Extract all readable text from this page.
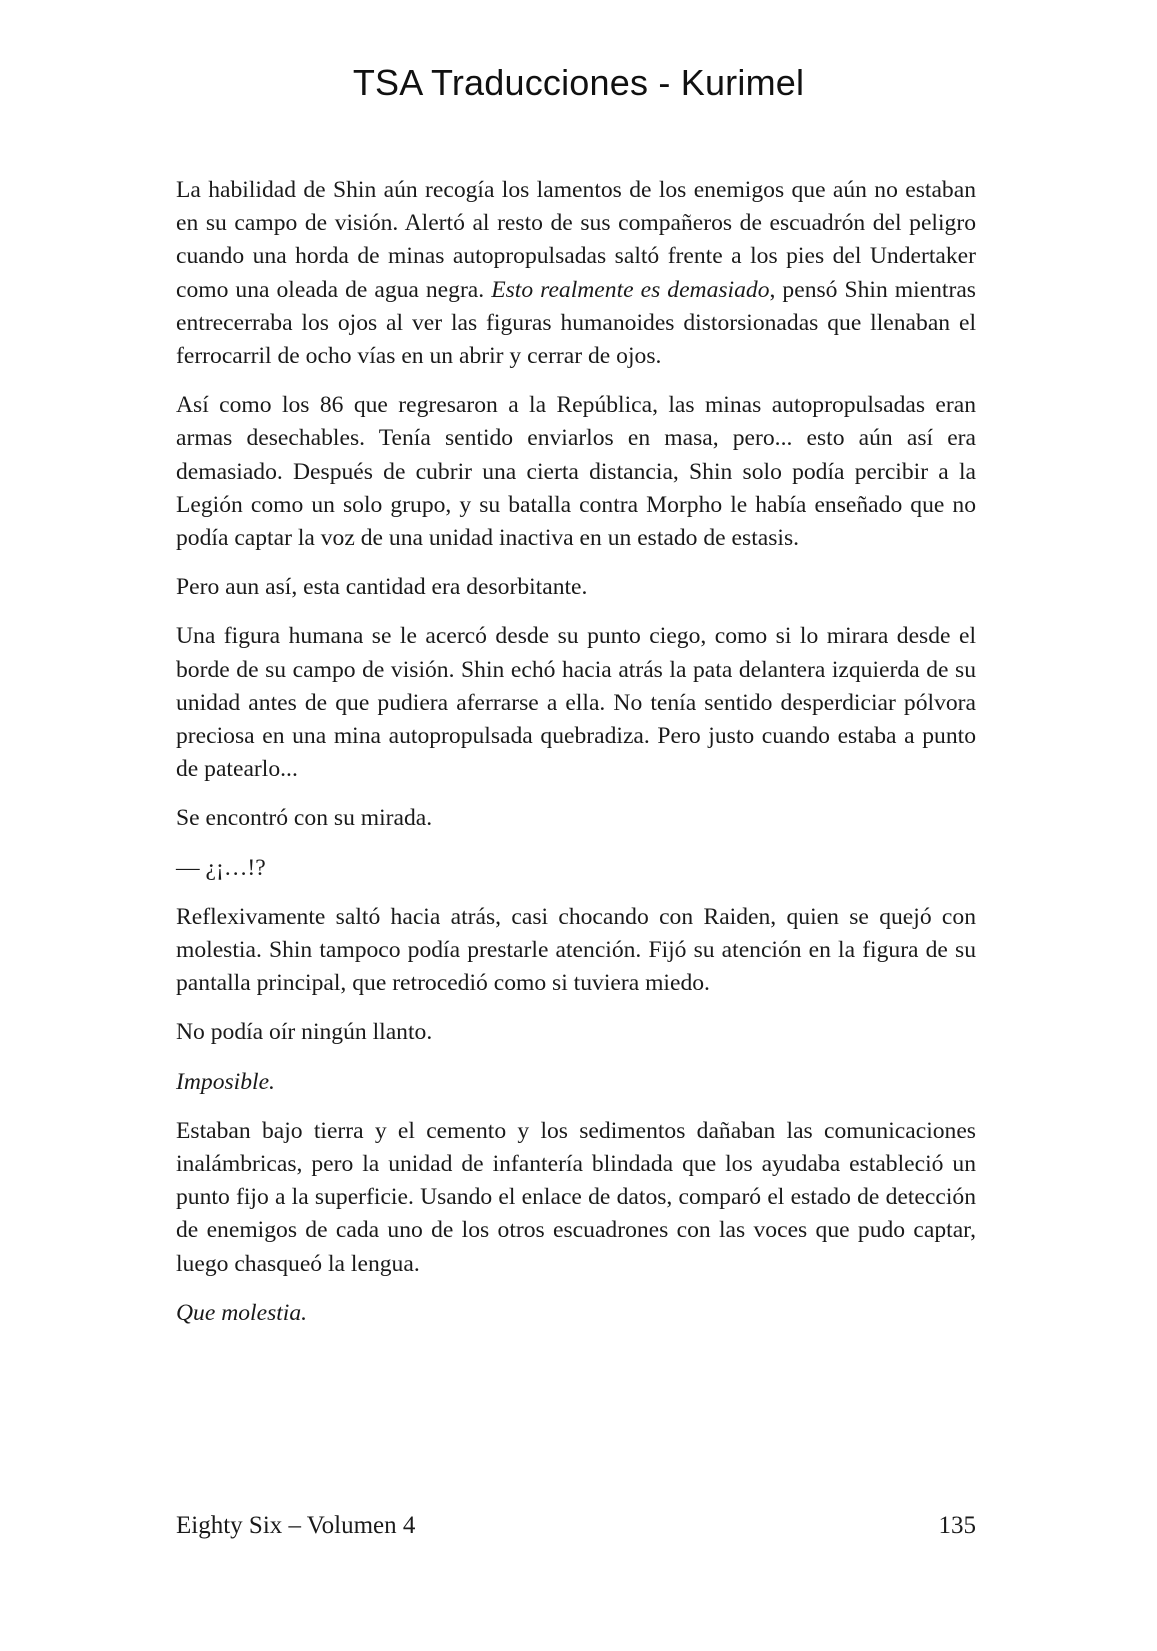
TSA Traducciones - Kurimel

La habilidad de Shin aún recogía los lamentos de los enemigos que aún no estaban en su campo de visión. Alertó al resto de sus compañeros de escuadrón del peligro cuando una horda de minas autopropulsadas saltó frente a los pies del Undertaker como una oleada de agua negra. Esto realmente es demasiado, pensó Shin mientras entrecerraba los ojos al ver las figuras humanoides distorsionadas que llenaban el ferrocarril de ocho vías en un abrir y cerrar de ojos.

Así como los 86 que regresaron a la República, las minas autopropulsadas eran armas desechables. Tenía sentido enviarlos en masa, pero... esto aún así era demasiado. Después de cubrir una cierta distancia, Shin solo podía percibir a la Legión como un solo grupo, y su batalla contra Morpho le había enseñado que no podía captar la voz de una unidad inactiva en un estado de estasis.

Pero aun así, esta cantidad era desorbitante.

Una figura humana se le acercó desde su punto ciego, como si lo mirara desde el borde de su campo de visión. Shin echó hacia atrás la pata delantera izquierda de su unidad antes de que pudiera aferrarse a ella. No tenía sentido desperdiciar pólvora preciosa en una mina autopropulsada quebradiza. Pero justo cuando estaba a punto de patearlo...

Se encontró con su mirada.

— ¿¡…!?

Reflexivamente saltó hacia atrás, casi chocando con Raiden, quien se quejó con molestia. Shin tampoco podía prestarle atención. Fijó su atención en la figura de su pantalla principal, que retrocedió como si tuviera miedo.

No podía oír ningún llanto.

Imposible.

Estaban bajo tierra y el cemento y los sedimentos dañaban las comunicaciones inalámbricas, pero la unidad de infantería blindada que los ayudaba estableció un punto fijo a la superficie. Usando el enlace de datos, comparó el estado de detección de enemigos de cada uno de los otros escuadrones con las voces que pudo captar, luego chasqueó la lengua.

Que molestia.

Eighty Six – Volumen 4	135
